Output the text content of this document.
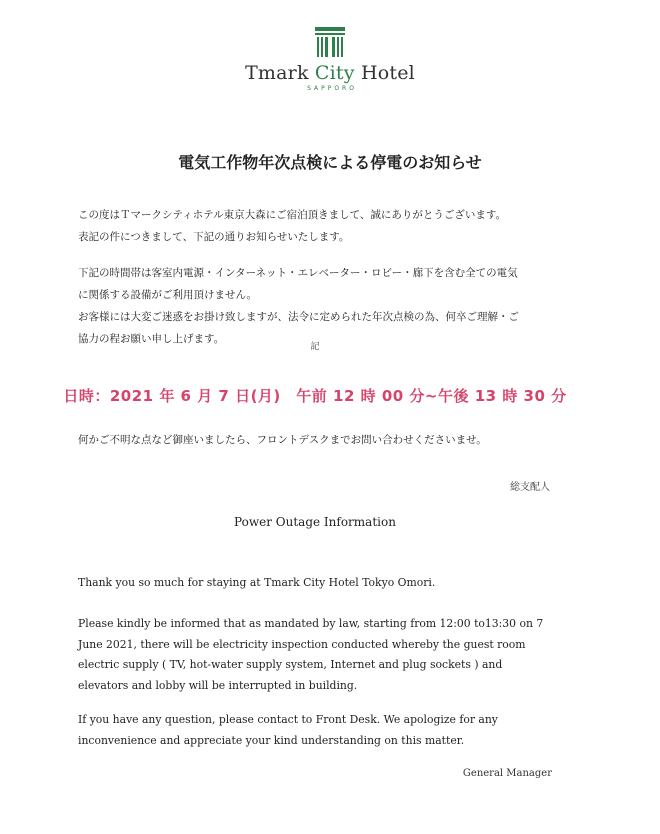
Tmark City Hotel
SAPPORO
電気工作物年次点検による停電のお知らせ

この度はＴマークシティホテル東京大森にご宿泊頂きまして、誠にありがとうございます。

表記の件につきまして、下記の通りお知らせいたします。

下記の時間帯は客室内電源・インターネット・エレベーター・ロビー・廊下を含む全ての電気

に関係する設備がご利用頂けません。

お客様には大変ご迷惑をお掛け致しますが、法令に定められた年次点検の為、何卒ご理解・ご

協力の程お願い申し上げます。

記
日時：2021 年 6 月 7 日(月)　午前 12 時 00 分~午後 13 時 30 分
何かご不明な点など御座いましたら、フロントデスクまでお問い合わせくださいませ。
総支配人
Power Outage Information

Thank you so much for staying at Tmark City Hotel Tokyo Omori.

Please kindly be informed that as mandated by law, starting from 12:00 to13:30 on 7

June 2021, there will be electricity inspection conducted whereby the guest room

electric supply ( TV, hot-water supply system, Internet and plug sockets ) and

elevators and lobby will be interrupted in building.

If you have any question, please contact to Front Desk. We apologize for any

inconvenience and appreciate your kind understanding on this matter.

General Manager
